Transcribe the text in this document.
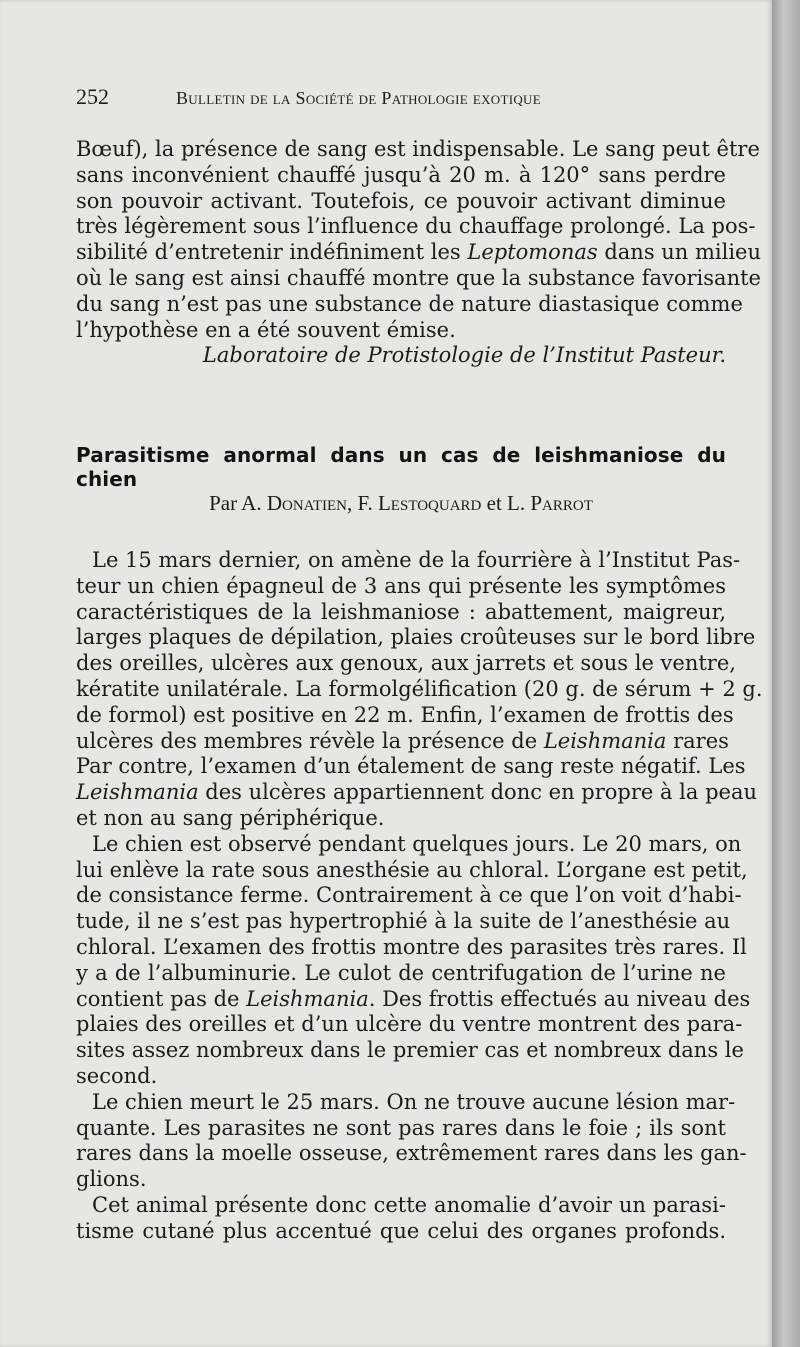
252	Bulletin de la Société de Pathologie exotique
Bœuf), la présence de sang est indispensable. Le sang peut être
sans inconvénient chauffé jusqu’à 20 m. à 120° sans perdre
son pouvoir activant. Toutefois, ce pouvoir activant diminue
très légèrement sous l’influence du chauffage prolongé. La pos-
sibilité d’entretenir indéfiniment les Leptomonas dans un milieu
où le sang est ainsi chauffé montre que la substance favorisante
du sang n’est pas une substance de nature diastasique comme
l’hypothèse en a été souvent émise.
Laboratoire de Protistologie de l’Institut Pasteur.
Parasitisme anormal dans un cas de leishmaniose du chien
Par A. Donatien, F. Lestoquard et L. Parrot
Le 15 mars dernier, on amène de la fourrière à l’Institut Pas-
teur un chien épagneul de 3 ans qui présente les symptômes
caractéristiques de la leishmaniose : abattement, maigreur,
larges plaques de dépilation, plaies croûteuses sur le bord libre
des oreilles, ulcères aux genoux, aux jarrets et sous le ventre,
kératite unilatérale. La formolgélification (20 g. de sérum + 2 g.
de formol) est positive en 22 m. Enfin, l’examen de frottis des
ulcères des membres révèle la présence de Leishmania rares
Par contre, l’examen d’un étalement de sang reste négatif. Les
Leishmania des ulcères appartiennent donc en propre à la peau
et non au sang périphérique.
Le chien est observé pendant quelques jours. Le 20 mars, on
lui enlève la rate sous anesthésie au chloral. L’organe est petit,
de consistance ferme. Contrairement à ce que l’on voit d’habi-
tude, il ne s’est pas hypertrophié à la suite de l’anesthésie au
chloral. L’examen des frottis montre des parasites très rares. Il
y a de l’albuminurie. Le culot de centrifugation de l’urine ne
contient pas de Leishmania. Des frottis effectués au niveau des
plaies des oreilles et d’un ulcère du ventre montrent des para-
sites assez nombreux dans le premier cas et nombreux dans le
second.
Le chien meurt le 25 mars. On ne trouve aucune lésion mar-
quante. Les parasites ne sont pas rares dans le foie ; ils sont
rares dans la moelle osseuse, extrêmement rares dans les gan-
glions.
Cet animal présente donc cette anomalie d’avoir un parasi-
tisme cutané plus accentué que celui des organes profonds.
